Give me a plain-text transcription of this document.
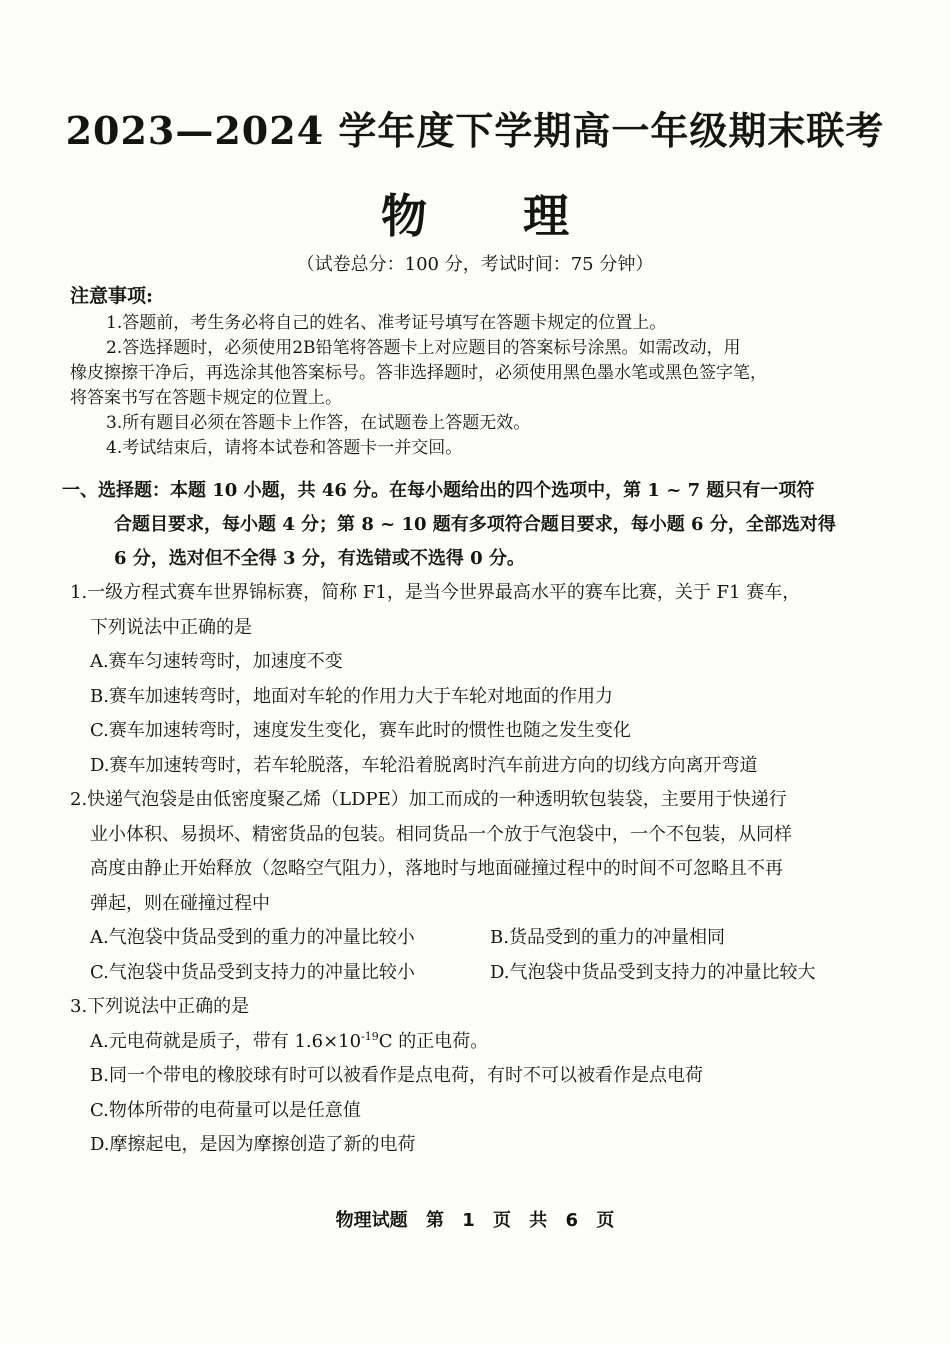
2023—2024 学年度下学期高一年级期末联考
物 理
（试卷总分：100 分，考试时间：75 分钟）
注意事项:
1.答题前，考生务必将自己的姓名、准考证号填写在答题卡规定的位置上。
2.答选择题时，必须使用2B铅笔将答题卡上对应题目的答案标号涂黑。如需改动，用
橡皮擦擦干净后，再选涂其他答案标号。答非选择题时，必须使用黑色墨水笔或黑色签字笔，
将答案书写在答题卡规定的位置上。
3.所有题目必须在答题卡上作答，在试题卷上答题无效。
4.考试结束后，请将本试卷和答题卡一并交回。
一、选择题：本题 10 小题，共 46 分。在每小题给出的四个选项中，第 1 ~ 7 题只有一项符
合题目要求，每小题 4 分；第 8 ~ 10 题有多项符合题目要求，每小题 6 分，全部选对得
6 分，选对但不全得 3 分，有选错或不选得 0 分。
1.一级方程式赛车世界锦标赛，简称 F1，是当今世界最高水平的赛车比赛，关于 F1 赛车，
下列说法中正确的是
A.赛车匀速转弯时，加速度不变
B.赛车加速转弯时，地面对车轮的作用力大于车轮对地面的作用力
C.赛车加速转弯时，速度发生变化，赛车此时的惯性也随之发生变化
D.赛车加速转弯时，若车轮脱落，车轮沿着脱离时汽车前进方向的切线方向离开弯道
2.快递气泡袋是由低密度聚乙烯（LDPE）加工而成的一种透明软包装袋，主要用于快递行
业小体积、易损坏、精密货品的包装。相同货品一个放于气泡袋中，一个不包装，从同样
高度由静止开始释放（忽略空气阻力），落地时与地面碰撞过程中的时间不可忽略且不再
弹起，则在碰撞过程中
A.气泡袋中货品受到的重力的冲量比较小	B.货品受到的重力的冲量相同
C.气泡袋中货品受到支持力的冲量比较小	D.气泡袋中货品受到支持力的冲量比较大
3.下列说法中正确的是
A.元电荷就是质子，带有 $1.6\times 10^{-19}C$ 的正电荷。
B.同一个带电的橡胶球有时可以被看作是点电荷，有时不可以被看作是点电荷
C.物体所带的电荷量可以是任意值
D.摩擦起电，是因为摩擦创造了新的电荷
物理试题 第 1 页 共 6 页
